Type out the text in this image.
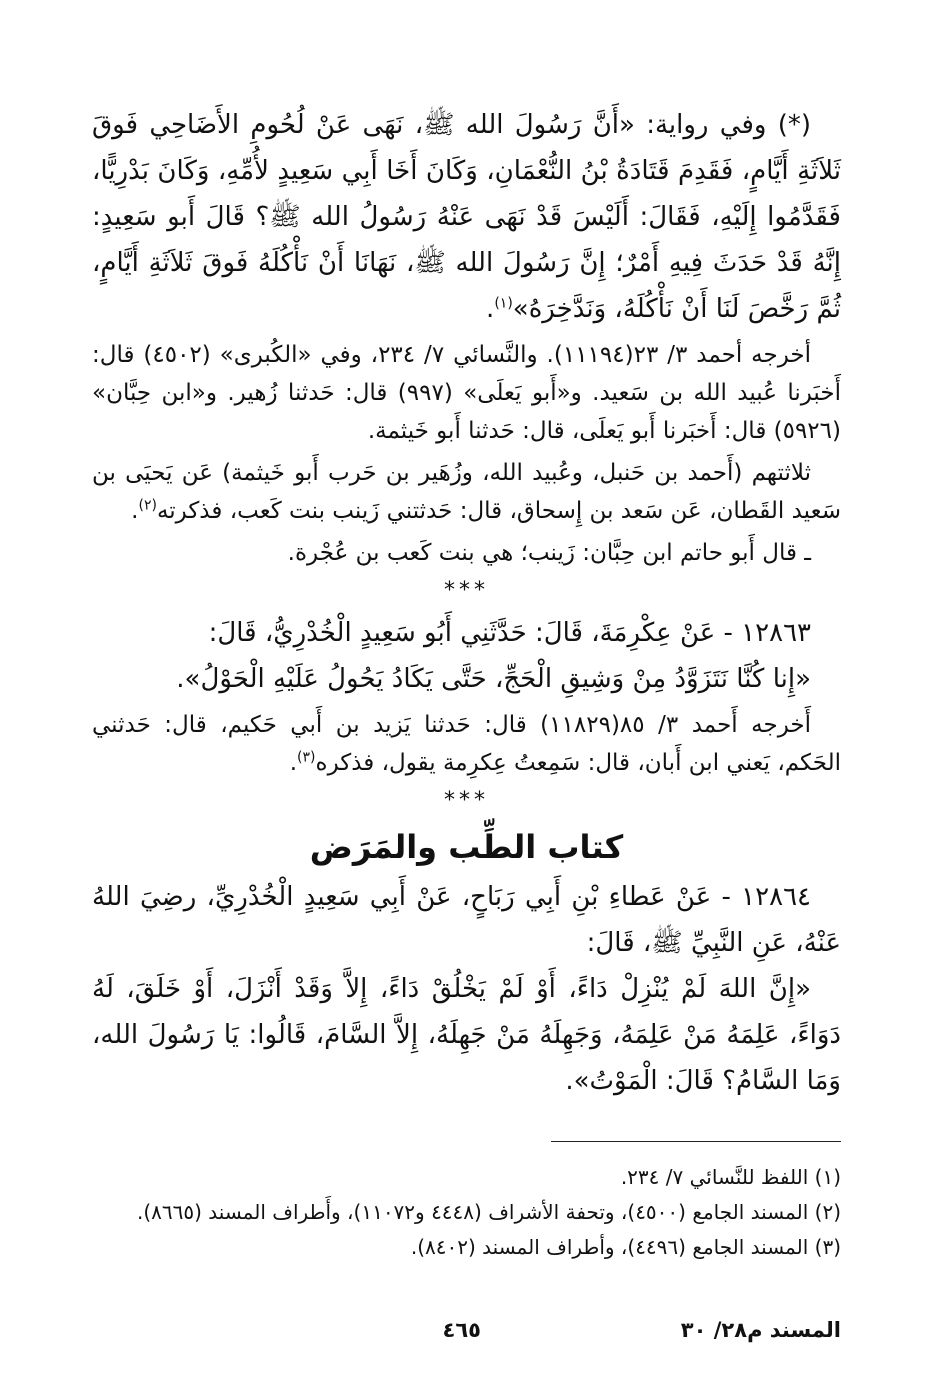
(*) وفي رواية: «أَنَّ رَسُولَ الله ﷺ، نَهَى عَنْ لُحُومِ الأَضَاحِي فَوقَ ثَلاَثَةِ أَيَّامٍ، فَقَدِمَ قَتَادَةُ بْنُ النُّعْمَانِ، وَكَانَ أَخَا أَبِي سَعِيدٍ لأُمِّهِ، وَكَانَ بَدْرِيًّا، فَقَدَّمُوا إِلَيْهِ، فَقَالَ: أَلَيْسَ قَدْ نَهَى عَنْهُ رَسُولُ الله ﷺ؟ قَالَ أَبو سَعِيدٍ: إِنَّهُ قَدْ حَدَثَ فِيهِ أَمْرٌ؛ إِنَّ رَسُولَ الله ﷺ، نَهَانَا أَنْ نَأْكُلَهُ فَوقَ ثَلاَثَةِ أَيَّامٍ، ثُمَّ رَخَّصَ لَنَا أَنْ نَأْكُلَهُ، وَنَدَّخِرَهُ»$^{(١)}$.

أخرجه أحمد ٣/ ٢٣(١١١٩٤). والنَّسائي ٧/ ٢٣٤، وفي «الكُبرى» (٤٥٠٢) قال: أَخبَرنا عُبيد الله بن سَعيد. و«أَبو يَعلَى» (٩٩٧) قال: حَدثنا زُهير. و«ابن حِبَّان» (٥٩٢٦) قال: أَخبَرنا أَبو يَعلَى، قال: حَدثنا أَبو خَيثمة.

ثلاثتهم (أَحمد بن حَنبل، وعُبيد الله، وزُهَير بن حَرب أَبو خَيثمة) عَن يَحيَى بن سَعيد القَطان، عَن سَعد بن إِسحاق، قال: حَدثتني زَينب بنت كَعب، فذكرته$^{(٢)}$.

ـ قال أَبو حاتم ابن حِبَّان: زَينب؛ هي بنت كَعب بن عُجْرة.

***

١٢٨٦٣ - عَنْ عِكْرِمَةَ، قَالَ: حَدَّثَنِي أَبُو سَعِيدٍ الْخُدْرِيُّ، قَالَ:

«إِنا كُنَّا نَتَزَوَّدُ مِنْ وَشِيقِ الْحَجِّ، حَتَّى يَكَادُ يَحُولُ عَلَيْهِ الْحَوْلُ».

أَخرجه أَحمد ٣/ ٨٥(١١٨٢٩) قال: حَدثنا يَزيد بن أَبي حَكيم، قال: حَدثني الحَكم، يَعني ابن أَبان، قال: سَمِعتُ عِكرِمة يقول، فذكره$^{(٣)}$.

***

كتاب الطِّب والمَرَض

١٢٨٦٤ - عَنْ عَطاءِ بْنِ أَبِي رَبَاحٍ، عَنْ أَبِي سَعِيدٍ الْخُدْرِيِّ، رضِيَ اللهُ عَنْهُ، عَنِ النَّبِيِّ ﷺ، قَالَ:

«إِنَّ اللهَ لَمْ يُنْزِلْ دَاءً، أَوْ لَمْ يَخْلُقْ دَاءً، إِلاَّ وَقَدْ أَنْزَلَ، أَوْ خَلَقَ، لَهُ دَوَاءً، عَلِمَهُ مَنْ عَلِمَهُ، وَجَهِلَهُ مَنْ جَهِلَهُ، إِلاَّ السَّامَ، قَالُوا: يَا رَسُولَ الله، وَمَا السَّامُ؟ قَالَ: الْمَوْتُ».

(١) اللفظ للنَّسائي ٧/ ٢٣٤.

(٢) المسند الجامع (٤٥٠٠)، وتحفة الأشراف (٤٤٤٨ و١١٠٧٢)، وأَطراف المسند (٨٦٦٥).

(٣) المسند الجامع (٤٤٩٦)، وأطراف المسند (٨٤٠٢).

المسند م٢٨/ ٣٠
٤٦٥
